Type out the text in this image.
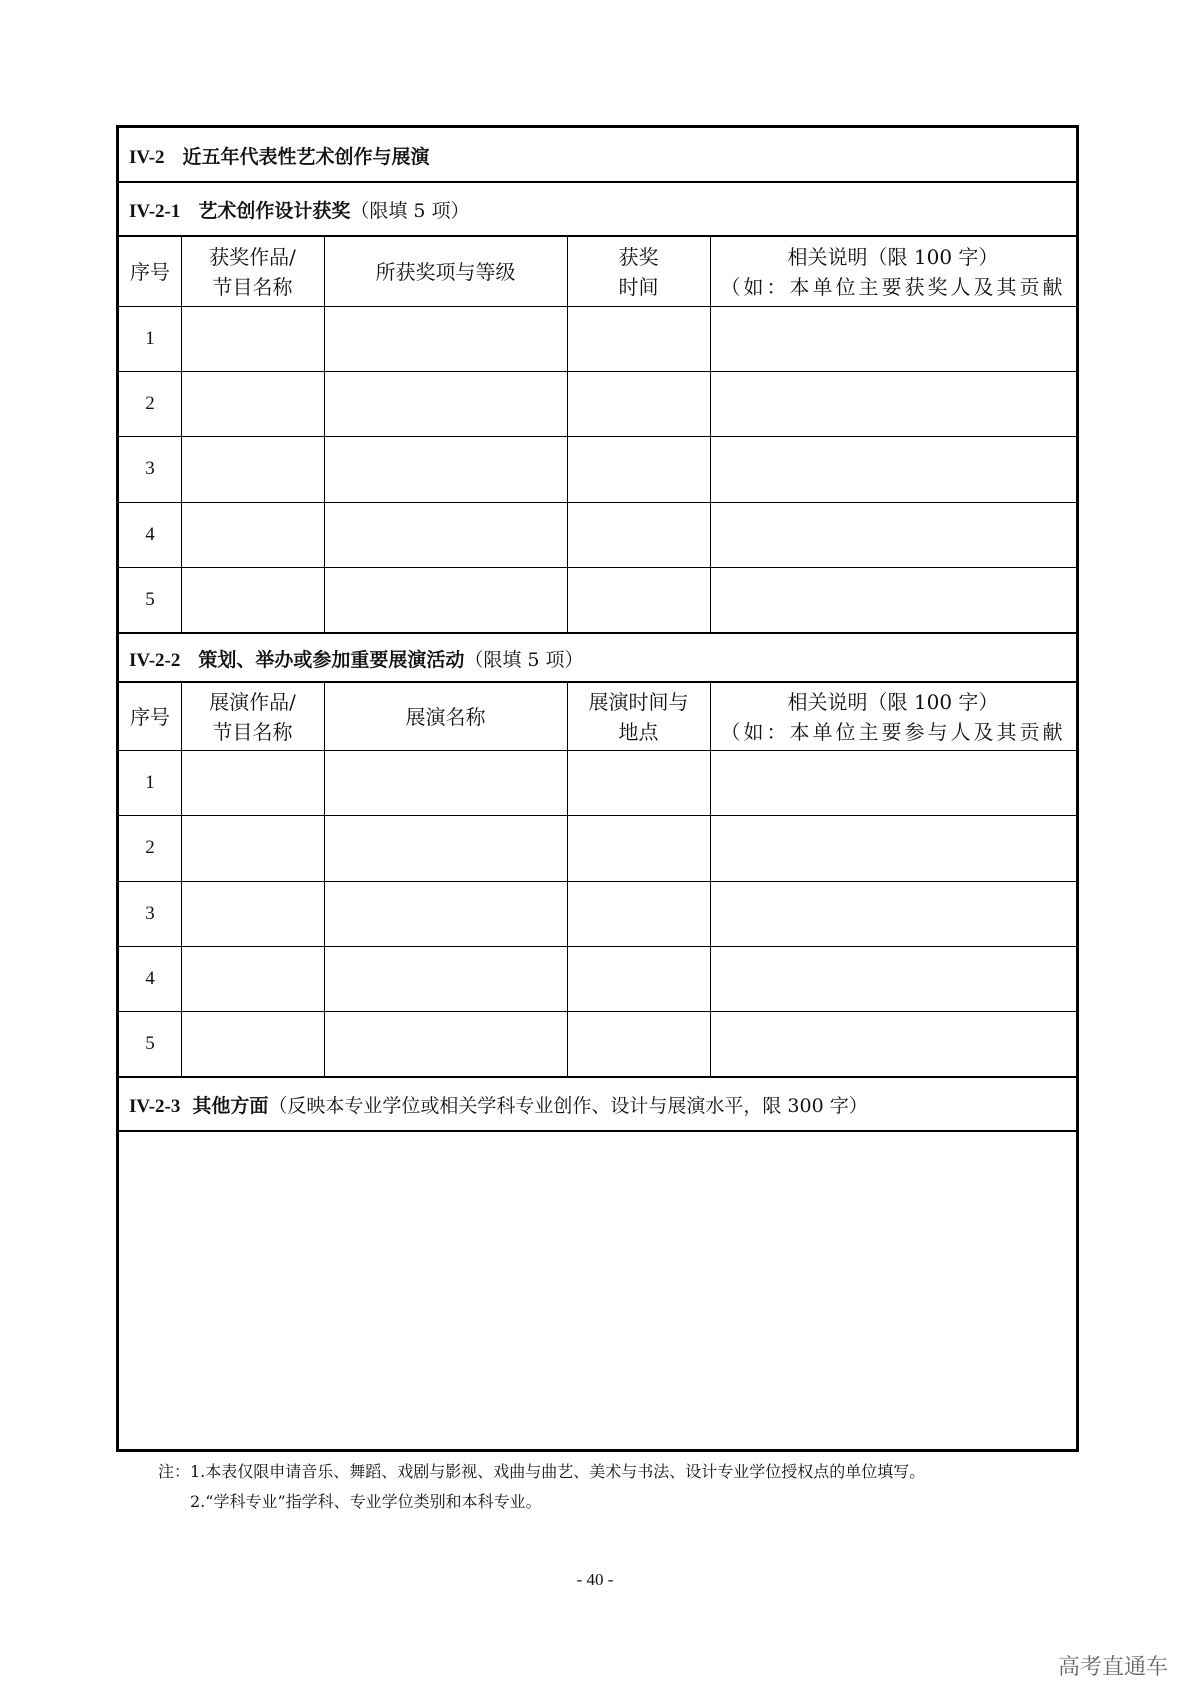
IV-2 近五年代表性艺术创作与展演
IV-2-1 艺术创作设计获奖（限填 5 项）
序号
获奖作品/
节目名称
所获奖项与等级
获奖
时间
相关说明（限 100 字）
（如：本单位主要获奖人及其贡献
1
2
3
4
5
IV-2-2 策划、举办或参加重要展演活动（限填 5 项）
序号
展演作品/
节目名称
展演名称
展演时间与
地点
相关说明（限 100 字）
（如：本单位主要参与人及其贡献
1
2
3
4
5
IV-2-3 其他方面（反映本专业学位或相关学科专业创作、设计与展演水平，限 300 字）
注：1.本表仅限申请音乐、舞蹈、戏剧与影视、戏曲与曲艺、美术与书法、设计专业学位授权点的单位填写。
2.“学科专业”指学科、专业学位类别和本科专业。
- 40 -
高考直通车
